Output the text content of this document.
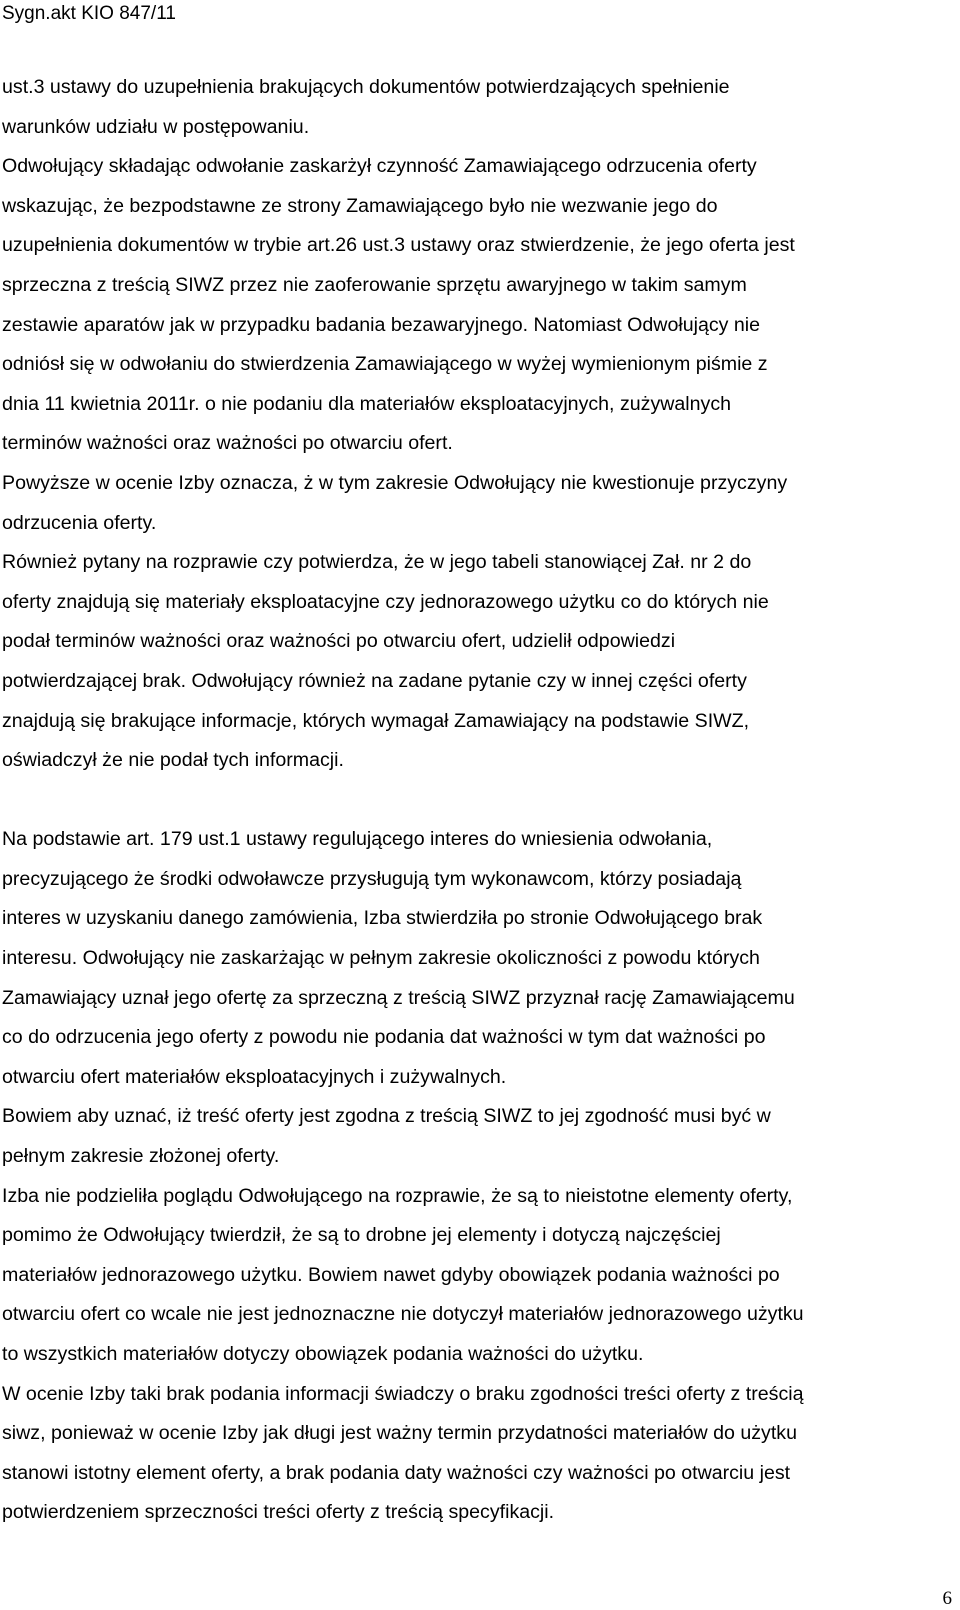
Sygn.akt KIO 847/11
ust.3 ustawy do uzupełnienia brakujących dokumentów potwierdzających spełnienie
warunków udziału w postępowaniu.
Odwołujący składając odwołanie zaskarżył czynność Zamawiającego odrzucenia oferty
wskazując, że bezpodstawne ze strony Zamawiającego było nie wezwanie jego do
uzupełnienia dokumentów w trybie art.26 ust.3 ustawy oraz stwierdzenie, że jego oferta jest
sprzeczna z treścią SIWZ przez nie zaoferowanie sprzętu awaryjnego w takim samym
zestawie aparatów jak w przypadku badania bezawaryjnego. Natomiast Odwołujący nie
odniósł się w odwołaniu do stwierdzenia Zamawiającego w wyżej wymienionym piśmie z
dnia 11 kwietnia 2011r. o nie podaniu dla materiałów eksploatacyjnych, zużywalnych
terminów ważności oraz ważności po otwarciu ofert.
Powyższe w ocenie Izby oznacza, ż w tym zakresie Odwołujący nie kwestionuje przyczyny
odrzucenia oferty.
Również pytany na rozprawie czy potwierdza, że w jego tabeli stanowiącej Zał. nr 2 do
oferty znajdują się materiały eksploatacyjne czy jednorazowego użytku co do których nie
podał terminów ważności oraz ważności po otwarciu ofert, udzielił odpowiedzi
potwierdzającej brak. Odwołujący również na zadane pytanie czy w innej części oferty
znajdują się brakujące informacje, których wymagał Zamawiający na podstawie SIWZ,
oświadczył że nie podał tych informacji.
Na podstawie art. 179 ust.1 ustawy regulującego interes do wniesienia odwołania,
precyzującego że środki odwoławcze przysługują tym wykonawcom, którzy posiadają
interes w uzyskaniu danego zamówienia, Izba stwierdziła po stronie Odwołującego brak
interesu. Odwołujący nie zaskarżając w pełnym zakresie okoliczności z powodu których
Zamawiający uznał jego ofertę za sprzeczną z treścią SIWZ przyznał rację Zamawiającemu
co do odrzucenia jego oferty z powodu nie podania dat ważności w tym dat ważności po
otwarciu ofert materiałów eksploatacyjnych i zużywalnych.
Bowiem aby uznać, iż treść oferty jest zgodna z treścią SIWZ to jej zgodność musi być w
pełnym zakresie złożonej oferty.
Izba nie podzieliła poglądu Odwołującego na rozprawie, że są to nieistotne elementy oferty,
pomimo że Odwołujący twierdził, że są to drobne jej elementy i dotyczą najczęściej
materiałów jednorazowego użytku. Bowiem nawet gdyby obowiązek podania ważności po
otwarciu ofert co wcale nie jest jednoznaczne nie dotyczył materiałów jednorazowego użytku
to wszystkich materiałów dotyczy obowiązek podania ważności do użytku.
W ocenie Izby taki brak podania informacji świadczy o braku zgodności treści oferty z treścią
siwz, ponieważ w ocenie Izby jak długi jest ważny termin przydatności materiałów do użytku
stanowi istotny element oferty, a brak podania daty ważności czy ważności po otwarciu jest
potwierdzeniem sprzeczności treści oferty z treścią specyfikacji.
6
